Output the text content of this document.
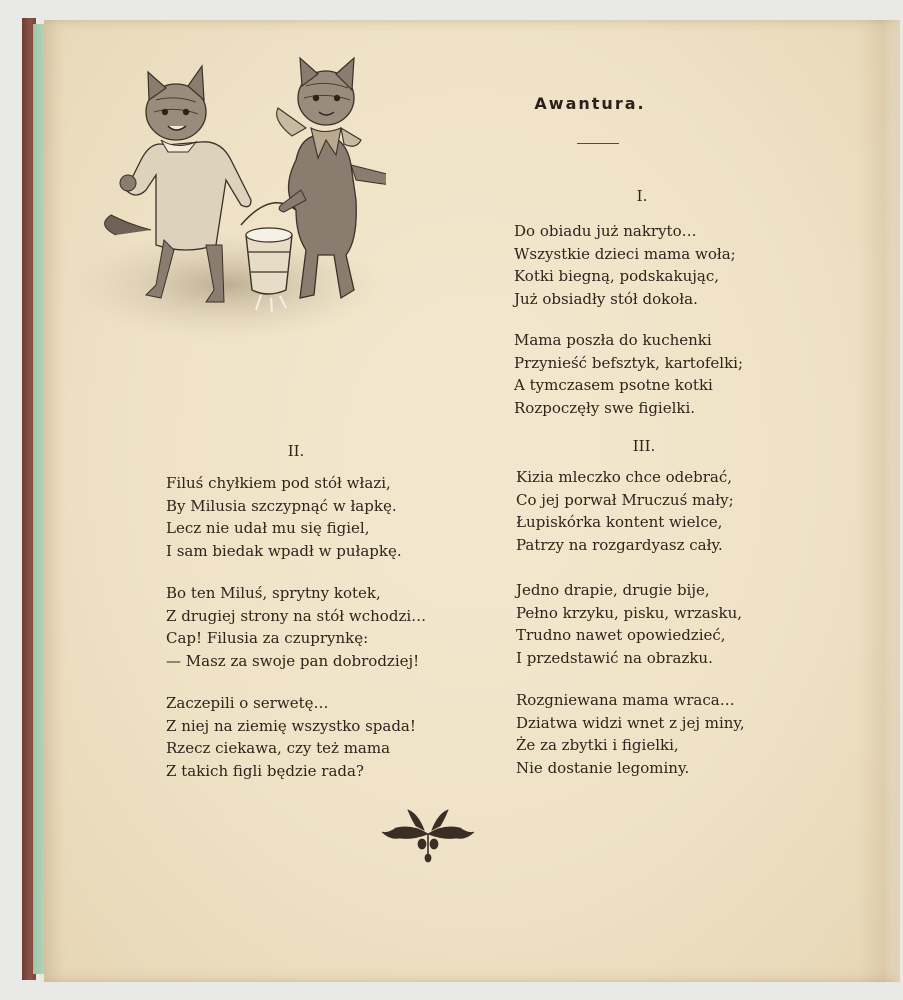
Awantura.
I.
Do obiadu już nakryto…
Wszystkie dzieci mama woła;
Kotki biegną, podskakując,
Już obsiadły stół dokoła.
Mama poszła do kuchenki
Przynieść befsztyk, kartofelki;
A tymczasem psotne kotki
Rozpoczęły swe figielki.
II.
Filuś chyłkiem pod stół włazi,
By Milusia szczypnąć w łapkę.
Lecz nie udał mu się figiel,
I sam biedak wpadł w pułapkę.
Bo ten Miluś, sprytny kotek,
Z drugiej strony na stół wchodzi…
Cap! Filusia za czuprynkę:
— Masz za swoje pan dobrodziej!
Zaczepili o serwetę…
Z niej na ziemię wszystko spada!
Rzecz ciekawa, czy też mama
Z takich figli będzie rada?
III.
Kizia mleczko chce odebrać,
Co jej porwał Mruczuś mały;
Łupiskórka kontent wielce,
Patrzy na rozgardyasz cały.
Jedno drapie, drugie bije,
Pełno krzyku, pisku, wrzasku,
Trudno nawet opowiedzieć,
I przedstawić na obrazku.
Rozgniewana mama wraca…
Dziatwa widzi wnet z jej miny,
Że za zbytki i figielki,
Nie dostanie legominy.
